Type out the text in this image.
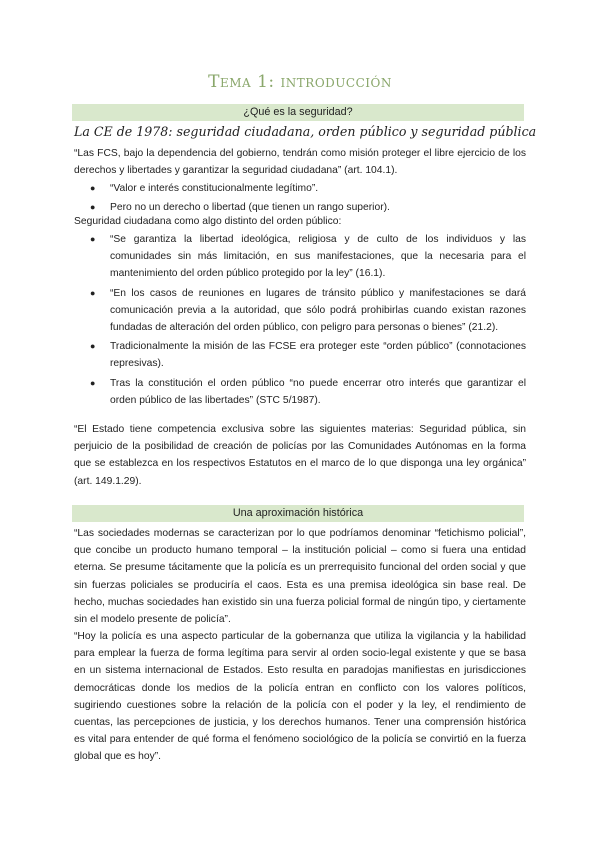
Tema 1: introducción
¿Qué es la seguridad?
La CE de 1978: seguridad ciudadana, orden público y seguridad pública
“Las FCS, bajo la dependencia del gobierno, tendrán como misión proteger el libre ejercicio de los derechos y libertades y garantizar la seguridad ciudadana” (art. 104.1).
● “Valor e interés constitucionalmente legítimo”.
● Pero no un derecho o libertad (que tienen un rango superior).
Seguridad ciudadana como algo distinto del orden público:
● “Se garantiza la libertad ideológica, religiosa y de culto de los individuos y las comunidades sin más limitación, en sus manifestaciones, que la necesaria para el mantenimiento del orden público protegido por la ley” (16.1).
● “En los casos de reuniones en lugares de tránsito público y manifestaciones se dará comunicación previa a la autoridad, que sólo podrá prohibirlas cuando existan razones fundadas de alteración del orden público, con peligro para personas o bienes” (21.2).
● Tradicionalmente la misión de las FCSE era proteger este “orden público” (connotaciones represivas).
● Tras la constitución el orden público “no puede encerrar otro interés que garantizar el orden público de las libertades” (STC 5/1987).
“El Estado tiene competencia exclusiva sobre las siguientes materias: Seguridad pública, sin perjuicio de la posibilidad de creación de policías por las Comunidades Autónomas en la forma que se establezca en los respectivos Estatutos en el marco de lo que disponga una ley orgánica” (art. 149.1.29).
Una aproximación histórica
“Las sociedades modernas se caracterizan por lo que podríamos denominar “fetichismo policial”, que concibe un producto humano temporal – la institución policial – como si fuera una entidad eterna. Se presume tácitamente que la policía es un prerrequisito funcional del orden social y que sin fuerzas policiales se produciría el caos. Esta es una premisa ideológica sin base real. De hecho, muchas sociedades han existido sin una fuerza policial formal de ningún tipo, y ciertamente sin el modelo presente de policía”.
“Hoy la policía es una aspecto particular de la gobernanza que utiliza la vigilancia y la habilidad para emplear la fuerza de forma legítima para servir al orden socio-legal existente y que se basa en un sistema internacional de Estados. Esto resulta en paradojas manifiestas en jurisdicciones democráticas donde los medios de la policía entran en conflicto con los valores políticos, sugiriendo cuestiones sobre la relación de la policía con el poder y la ley, el rendimiento de cuentas, las percepciones de justicia, y los derechos humanos. Tener una comprensión histórica es vital para entender de qué forma el fenómeno sociológico de la policía se convirtió en la fuerza global que es hoy”.
